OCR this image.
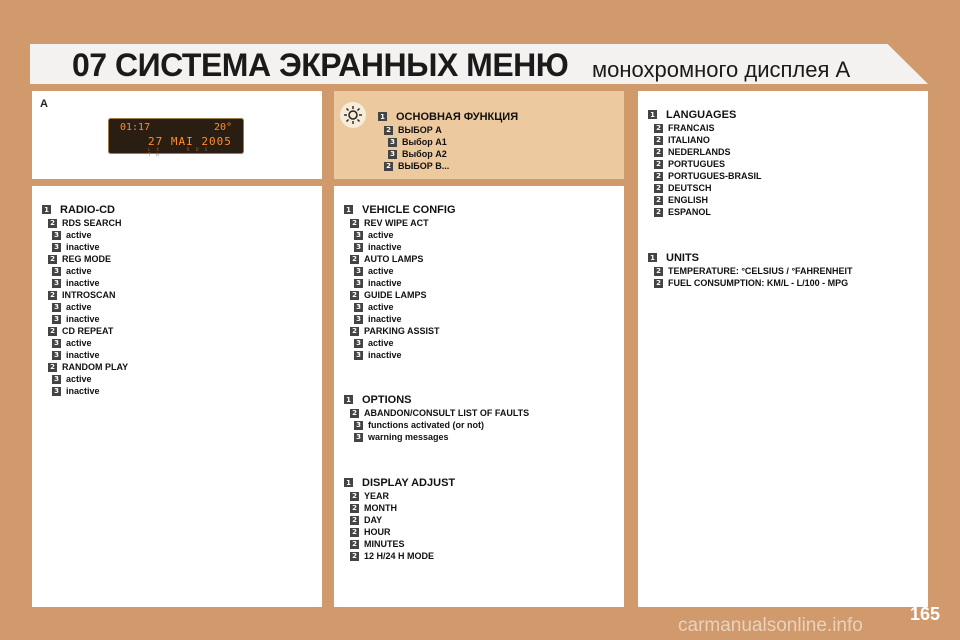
07 СИСТЕМА ЭКРАННЫХ МЕНЮ монохромного дисплея А
A
01:17	20°
27 MAI 2005
LX · RDS · TA
1 ОСНОВНАЯ ФУНКЦИЯ
2 ВЫБОР А
3 Выбор А1
3 Выбор А2
2 ВЫБОР В...
1 RADIO-CD
2 RDS SEARCH
3 active
3 inactive
2 REG MODE
3 active
3 inactive
2 INTROSCAN
3 active
3 inactive
2 CD REPEAT
3 active
3 inactive
2 RANDOM PLAY
3 active
3 inactive
1 VEHICLE CONFIG
2 REV WIPE ACT
3 active
3 inactive
2 AUTO LAMPS
3 active
3 inactive
2 GUIDE LAMPS
3 active
3 inactive
2 PARKING ASSIST
3 active
3 inactive
1 OPTIONS
2 ABANDON/CONSULT LIST OF FAULTS
3 functions activated (or not)
3 warning messages
1 DISPLAY ADJUST
2 YEAR
2 MONTH
2 DAY
2 HOUR
2 MINUTES
2 12 H/24 H MODE
1 LANGUAGES
2 FRANCAIS
2 ITALIANO
2 NEDERLANDS
2 PORTUGUES
2 PORTUGUES-BRASIL
2 DEUTSCH
2 ENGLISH
2 ESPANOL
1 UNITS
2 TEMPERATURE: °CELSIUS / °FAHRENHEIT
2 FUEL CONSUMPTION: KM/L - L/100 - MPG
165
carmanualsonline.info
